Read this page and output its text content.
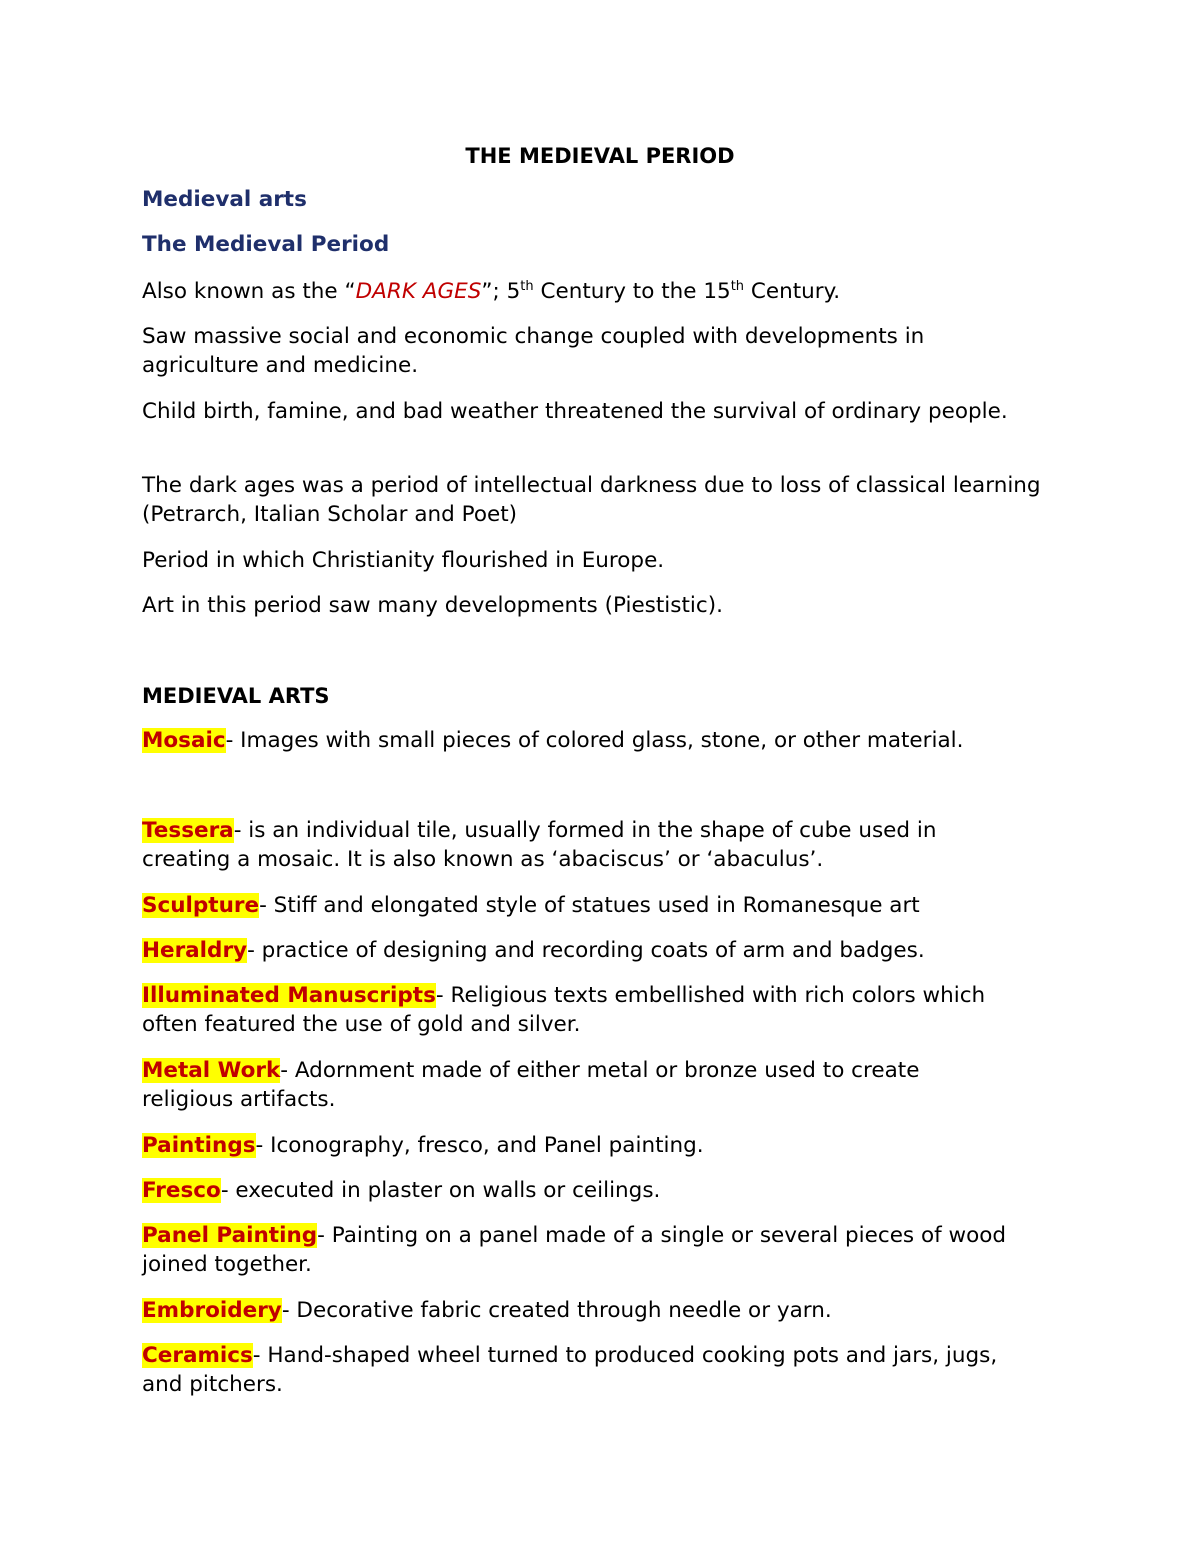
THE MEDIEVAL PERIOD
Medieval arts
The Medieval Period
Also known as the “DARK AGES”; 5th Century to the 15th Century.
Saw massive social and economic change coupled with developments in agriculture and medicine.
Child birth, famine, and bad weather threatened the survival of ordinary people.
The dark ages was a period of intellectual darkness due to loss of classical learning (Petrarch, Italian Scholar and Poet)
Period in which Christianity flourished in Europe.
Art in this period saw many developments (Piestistic).
MEDIEVAL ARTS
Mosaic- Images with small pieces of colored glass, stone, or other material.
Tessera- is an individual tile, usually formed in the shape of cube used in creating a mosaic. It is also known as ‘abaciscus’ or ‘abaculus’.
Sculpture- Stiff and elongated style of statues used in Romanesque art
Heraldry- practice of designing and recording coats of arm and badges.
Illuminated Manuscripts- Religious texts embellished with rich colors which often featured the use of gold and silver.
Metal Work- Adornment made of either metal or bronze used to create religious artifacts.
Paintings- Iconography, fresco, and Panel painting.
Fresco- executed in plaster on walls or ceilings.
Panel Painting- Painting on a panel made of a single or several pieces of wood joined together.
Embroidery- Decorative fabric created through needle or yarn.
Ceramics- Hand-shaped wheel turned to produced cooking pots and jars, jugs, and pitchers.
